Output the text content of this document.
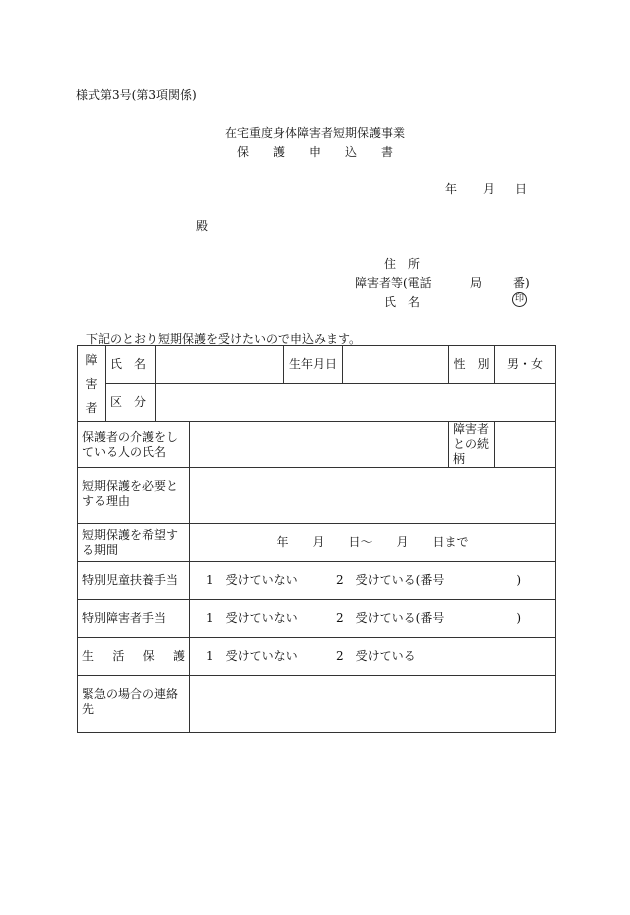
様式第3号(第3項関係)
在宅重度身体障害者短期保護事業
保　　護　　申　　込　　書
年 月 日
殿
住　所
障害者等(電話	局	番)
氏　名	印
下記のとおり短期保護を受けたいので申込みます。
障
害
者	氏　名			生年月日		性　別	男・女
	区　分						
保護者の介護をしている人の氏名						障害者との続柄	
短期保護を必要とする理由							
短期保護を希望する期間			年　　月　　日〜　　月　　日まで				
特別児童扶養手当			1　受けていない 2　受けている(番号　　　　　　)				
特別障害者手当			1　受けていない 2　受けている(番号　　　　　　)				
生活保護			1　受けていない 2　受けている				
緊急の場合の連絡先							
